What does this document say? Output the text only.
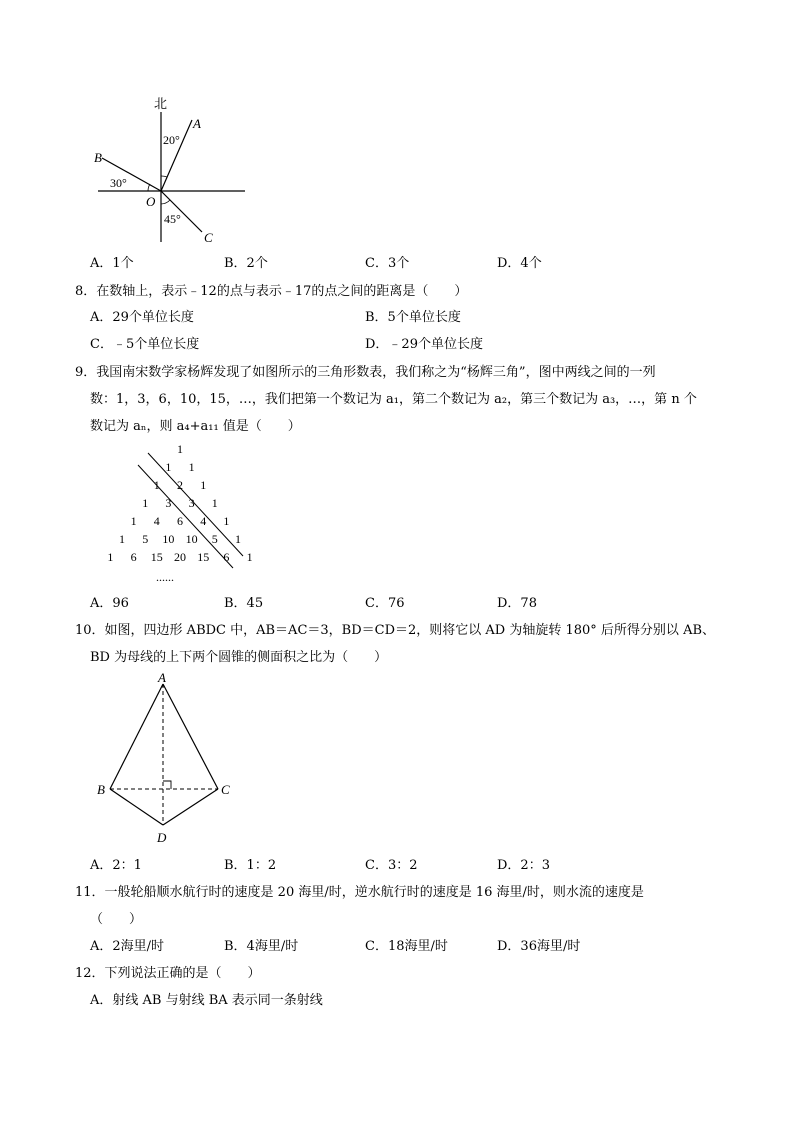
北
A
B
C
O
20°
30°
45°
A．1个	B．2个	C．3个	D．4个
8．在数轴上，表示﹣12的点与表示﹣17的点之间的距离是（　　）
A．29个单位长度	B．5个单位长度
C．﹣5个单位长度	D．﹣29个单位长度
9．我国南宋数学家杨辉发现了如图所示的三角形数表，我们称之为“杨辉三角”，图中两线之间的一列
数：1，3，6，10，15，…，我们把第一个数记为 a₁，第二个数记为 a₂，第三个数记为 a₃，…，第 n 个
数记为 aₙ，则 a₄+a₁₁ 值是（　　）
1
1 1
1 2 1
1 3 3 1
1 4 6 4 1
1 5 10 10 5 1
1 6 15 20 15 6 1
......
A．96	B．45	C．76	D．78
10．如图，四边形 ABDC 中，AB＝AC＝3，BD＝CD＝2，则将它以 AD 为轴旋转 180° 后所得分别以 AB、
BD 为母线的上下两个圆锥的侧面积之比为（　　）
A
B	C
D
A．2：1	B．1：2	C．3：2	D．2：3
11．一般轮船顺水航行时的速度是 20 海里/时，逆水航行时的速度是 16 海里/时，则水流的速度是
（　　）
A．2海里/时	B．4海里/时	C．18海里/时	D．36海里/时
12．下列说法正确的是（　　）
A．射线 AB 与射线 BA 表示同一条射线
